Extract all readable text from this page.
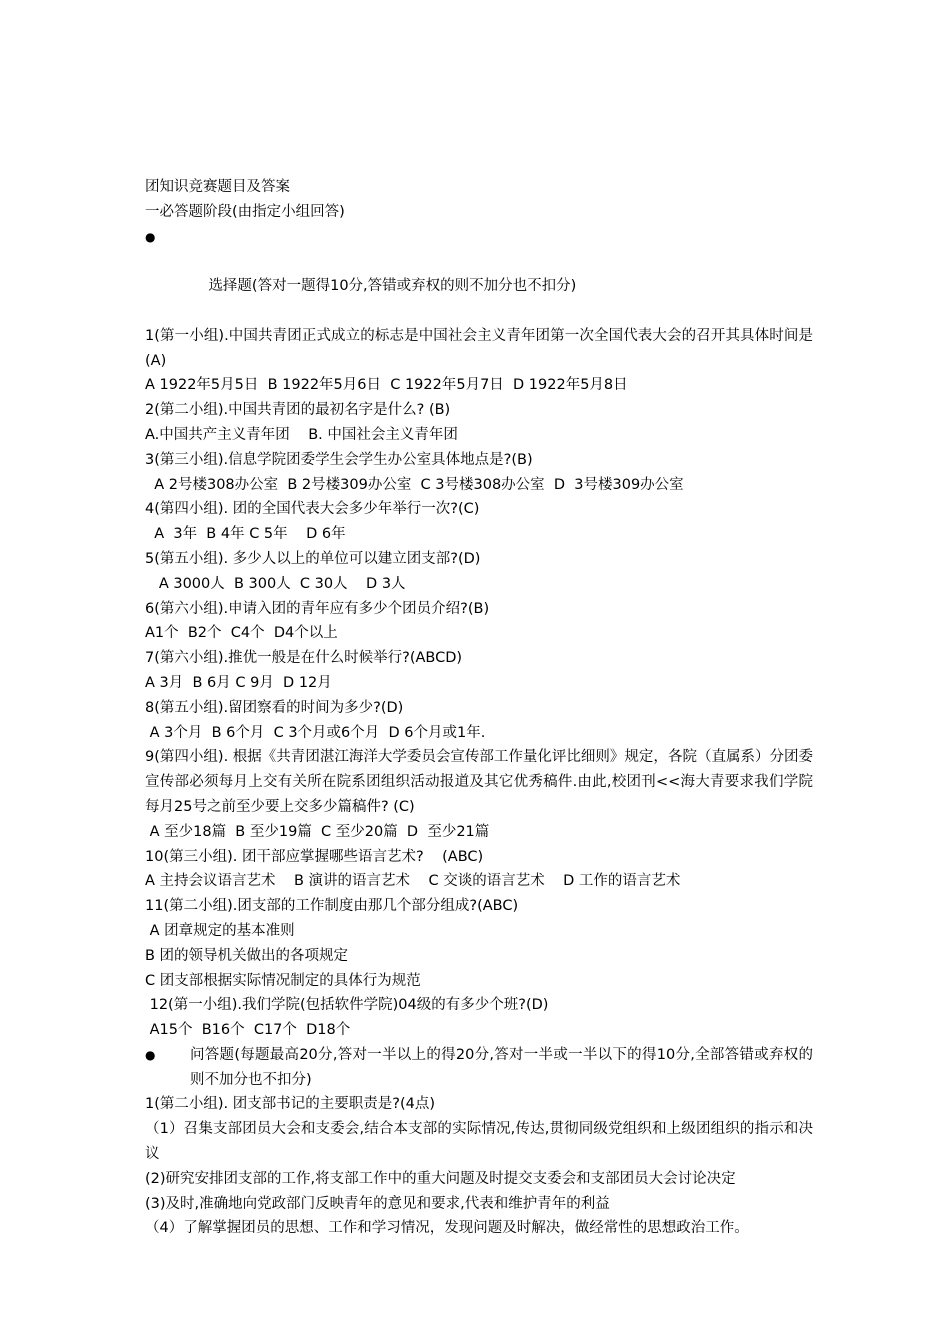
团知识竞赛题目及答案
一必答题阶段(由指定小组回答)

●

选择题(答对一题得10分,答错或弃权的则不加分也不扣分)

1(第一小组).中国共青团正式成立的标志是中国社会主义青年团第一次全国代表大会的召开其具体时间是(A)
A 1922年5月5日  B 1922年5月6日  C 1922年5月7日  D 1922年5月8日
2(第二小组).中国共青团的最初名字是什么? (B)
A.中国共产主义青年团    B. 中国社会主义青年团
3(第三小组).信息学院团委学生会学生办公室具体地点是?(B)
A 2号楼308办公室  B 2号楼309办公室  C 3号楼308办公室  D  3号楼309办公室
4(第四小组). 团的全国代表大会多少年举行一次?(C)
A  3年  B 4年 C 5年    D 6年
5(第五小组). 多少人以上的单位可以建立团支部?(D)
A 3000人  B 300人  C 30人    D 3人
6(第六小组).申请入团的青年应有多少个团员介绍?(B)
A1个  B2个  C4个  D4个以上
7(第六小组).推优一般是在什么时候举行?(ABCD)
A 3月  B 6月 C 9月  D 12月
8(第五小组).留团察看的时间为多少?(D)
A 3个月  B 6个月  C 3个月或6个月  D 6个月或1年.
9(第四小组). 根据《共青团湛江海洋大学委员会宣传部工作量化评比细则》规定，各院（直属系）分团委宣传部必须每月上交有关所在院系团组织活动报道及其它优秀稿件.由此,校团刊<<海大青要求我们学院每月25号之前至少要上交多少篇稿件? (C)
A 至少18篇  B 至少19篇  C 至少20篇  D  至少21篇
10(第三小组). 团干部应掌握哪些语言艺术?    (ABC)
A 主持会议语言艺术    B 演讲的语言艺术    C 交谈的语言艺术    D 工作的语言艺术
11(第二小组).团支部的工作制度由那几个部分组成?(ABC)
A 团章规定的基本准则
B 团的领导机关做出的各项规定
C 团支部根据实际情况制定的具体行为规范
12(第一小组).我们学院(包括软件学院)04级的有多少个班?(D)
A15个  B16个  C17个  D18个
● 问答题(每题最高20分,答对一半以上的得20分,答对一半或一半以下的得10分,全部答错或弃权的则不加分也不扣分)
1(第二小组). 团支部书记的主要职责是?(4点)
（1）召集支部团员大会和支委会,结合本支部的实际情况,传达,贯彻同级党组织和上级团组织的指示和决议
(2)研究安排团支部的工作,将支部工作中的重大问题及时提交支委会和支部团员大会讨论决定
(3)及时,准确地向党政部门反映青年的意见和要求,代表和维护青年的利益
（4）了解掌握团员的思想、工作和学习情况，发现问题及时解决，做经常性的思想政治工作。
